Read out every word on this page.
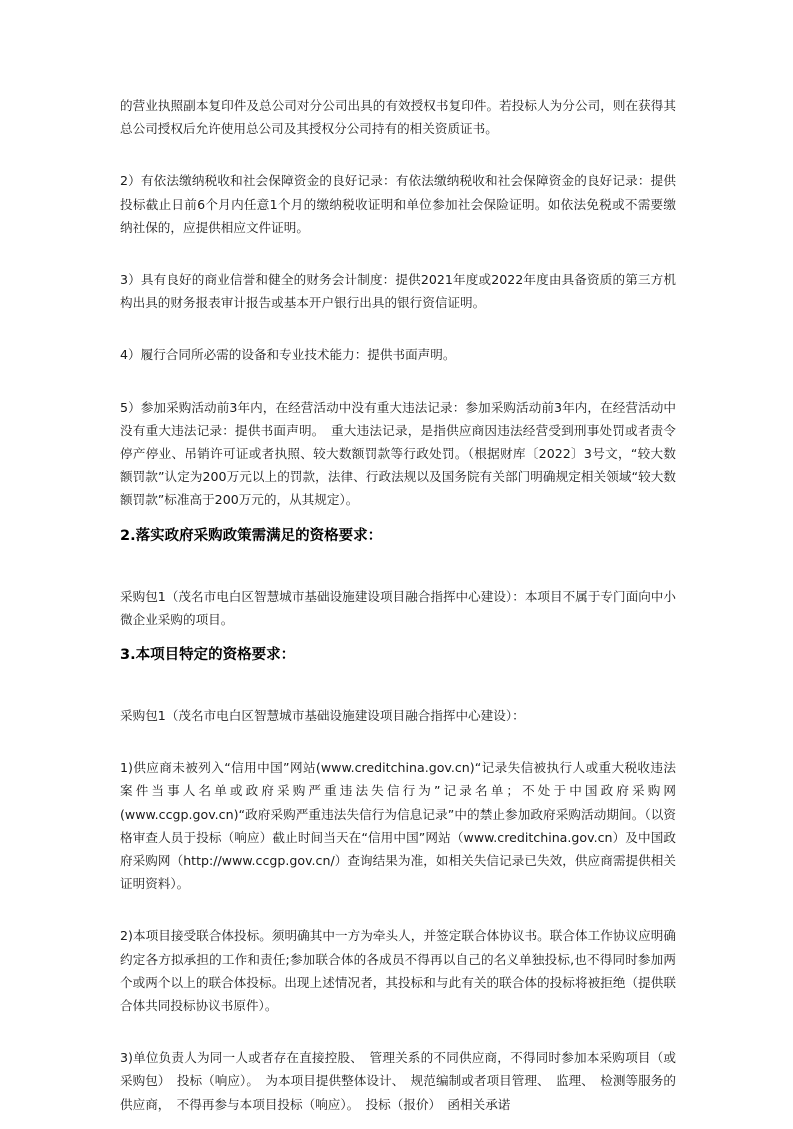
的营业执照副本复印件及总公司对分公司出具的有效授权书复印件。若投标人为分公司，则在获得其总公司授权后允许使用总公司及其授权分公司持有的相关资质证书。

2）有依法缴纳税收和社会保障资金的良好记录：有依法缴纳税收和社会保障资金的良好记录：提供投标截止日前6个月内任意1个月的缴纳税收证明和单位参加社会保险证明。如依法免税或不需要缴纳社保的，应提供相应文件证明。

3）具有良好的商业信誉和健全的财务会计制度：提供2021年度或2022年度由具备资质的第三方机构出具的财务报表审计报告或基本开户银行出具的银行资信证明。

4）履行合同所必需的设备和专业技术能力：提供书面声明。

5）参加采购活动前3年内，在经营活动中没有重大违法记录：参加采购活动前3年内，在经营活动中没有重大违法记录：提供书面声明。　重大违法记录，是指供应商因违法经营受到刑事处罚或者责令停产停业、吊销许可证或者执照、较大数额罚款等行政处罚。（根据财库〔2022〕3号文，“较大数额罚款”认定为200万元以上的罚款，法律、行政法规以及国务院有关部门明确规定相关领域“较大数额罚款”标准高于200万元的，从其规定）。

2.落实政府采购政策需满足的资格要求：

采购包1（茂名市电白区智慧城市基础设施建设项目融合指挥中心建设）：本项目不属于专门面向中小微企业采购的项目。

3.本项目特定的资格要求：

采购包1（茂名市电白区智慧城市基础设施建设项目融合指挥中心建设）：

1)供应商未被列入“信用中国”网站(www.creditchina.gov.cn)“记录失信被执行人或重大税收违法案件当事人名单或政府采购严重违法失信行为”记录名单；不处于中国政府采购网(www.ccgp.gov.cn)“政府采购严重违法失信行为信息记录”中的禁止参加政府采购活动期间。（以资格审查人员于投标（响应）截止时间当天在“信用中国”网站（www.creditchina.gov.cn）及中国政府采购网（http://www.ccgp.gov.cn/）查询结果为准，如相关失信记录已失效，供应商需提供相关证明资料）。

2)本项目接受联合体投标。须明确其中一方为牵头人，并签定联合体协议书。联合体工作协议应明确约定各方拟承担的工作和责任;参加联合体的各成员不得再以自己的名义单独投标,也不得同时参加两个或两个以上的联合体投标。出现上述情况者，其投标和与此有关的联合体的投标将被拒绝（提供联合体共同投标协议书原件）。

3)单位负责人为同一人或者存在直接控股、　管理关系的不同供应商，不得同时参加本采购项目（或采购包）　投标（响应）。　为本项目提供整体设计、　规范编制或者项目管理、　监理、　检测等服务的供应商，　不得再参与本项目投标（响应）。　投标（报价）　函相关承诺
